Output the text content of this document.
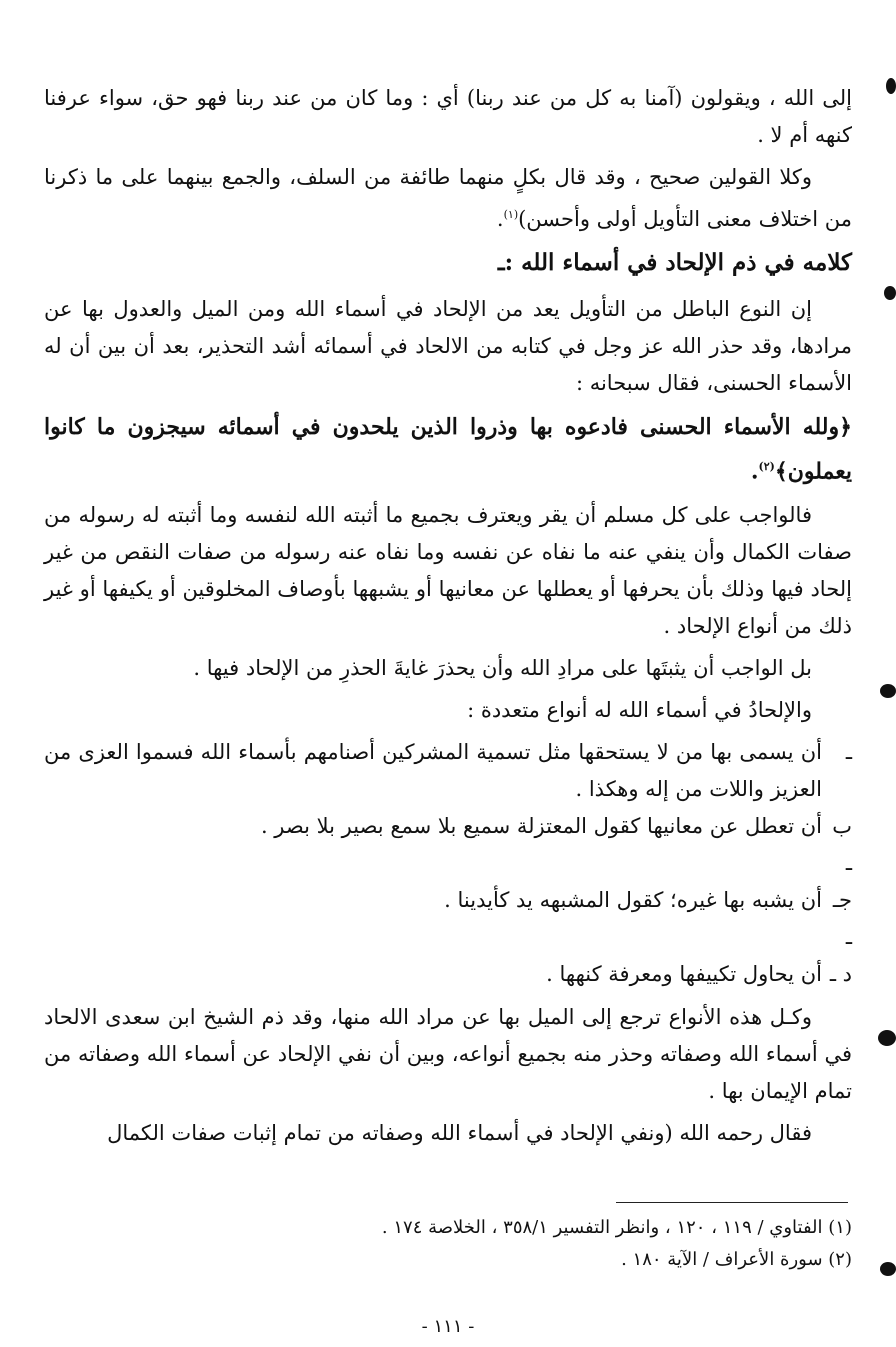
إلى الله ، ويقولون (آمنا به كل من عند ربنا) أي : وما كان من عند ربنا فهو حق، سواء عرفنا كنهه أم لا .

وكلا القولين صحيح ، وقد قال بكلٍ منهما طائفة من السلف، والجمع بينهما على ما ذكرنا من اختلاف معنى التأويل أولى وأحسن)$^{(١)}$.

كلامه في ذم الإلحاد في أسماء الله :ـ

إن النوع الباطل من التأويل يعد من الإلحاد في أسماء الله ومن الميل والعدول بها عن مرادها، وقد حذر الله عز وجل في كتابه من الالحاد في أسمائه أشد التحذير، بعد أن بين أن له الأسماء الحسنى، فقال سبحانه :

﴿ولله الأسماء الحسنى فادعوه بها وذروا الذين يلحدون في أسمائه سيجزون ما كانوا يعملون﴾$^{(٢)}$.

فالواجب على كل مسلم أن يقر ويعترف بجميع ما أثبته الله لنفسه وما أثبته له رسوله من صفات الكمال وأن ينفي عنه ما نفاه عن نفسه وما نفاه عنه رسوله من صفات النقص من غير إلحاد فيها وذلك بأن يحرفها أو يعطلها عن معانيها أو يشبهها بأوصاف المخلوقين أو يكيفها أو غير ذلك من أنواع الإلحاد .

بل الواجب أن يثبتَها على مرادِ الله وأن يحذرَ غايةَ الحذرِ من الإلحاد فيها .

والإلحادُ في أسماء الله له أنواع متعددة :

ـ
أن يسمى بها من لا يستحقها مثل تسمية المشركين أصنامهم بأسماء الله فسموا العزى من العزيز واللات من إله وهكذا .
ب ـ
أن تعطل عن معانيها كقول المعتزلة سميع بلا سمع بصير بلا بصر .
جـ ـ
أن يشبه بها غيره؛ كقول المشبهه يد كأيدينا .
د ـ
أن يحاول تكييفها ومعرفة كنهها .

وكـل هذه الأنواع ترجع إلى الميل بها عن مراد الله منها، وقد ذم الشيخ ابن سعدى الالحاد في أسماء الله وصفاته وحذر منه بجميع أنواعه، وبين أن نفي الإلحاد عن أسماء الله وصفاته من تمام الإيمان بها .

فقال رحمه الله (ونفي الإلحاد في أسماء الله وصفاته من تمام إثبات صفات الكمال

(١) الفتاوي / ١١٩ ، ١٢٠ ، وانظر التفسير ٣٥٨/١ ، الخلاصة ١٧٤ .
(٢) سورة الأعراف / الآية ١٨٠ .
- ١١١ -
